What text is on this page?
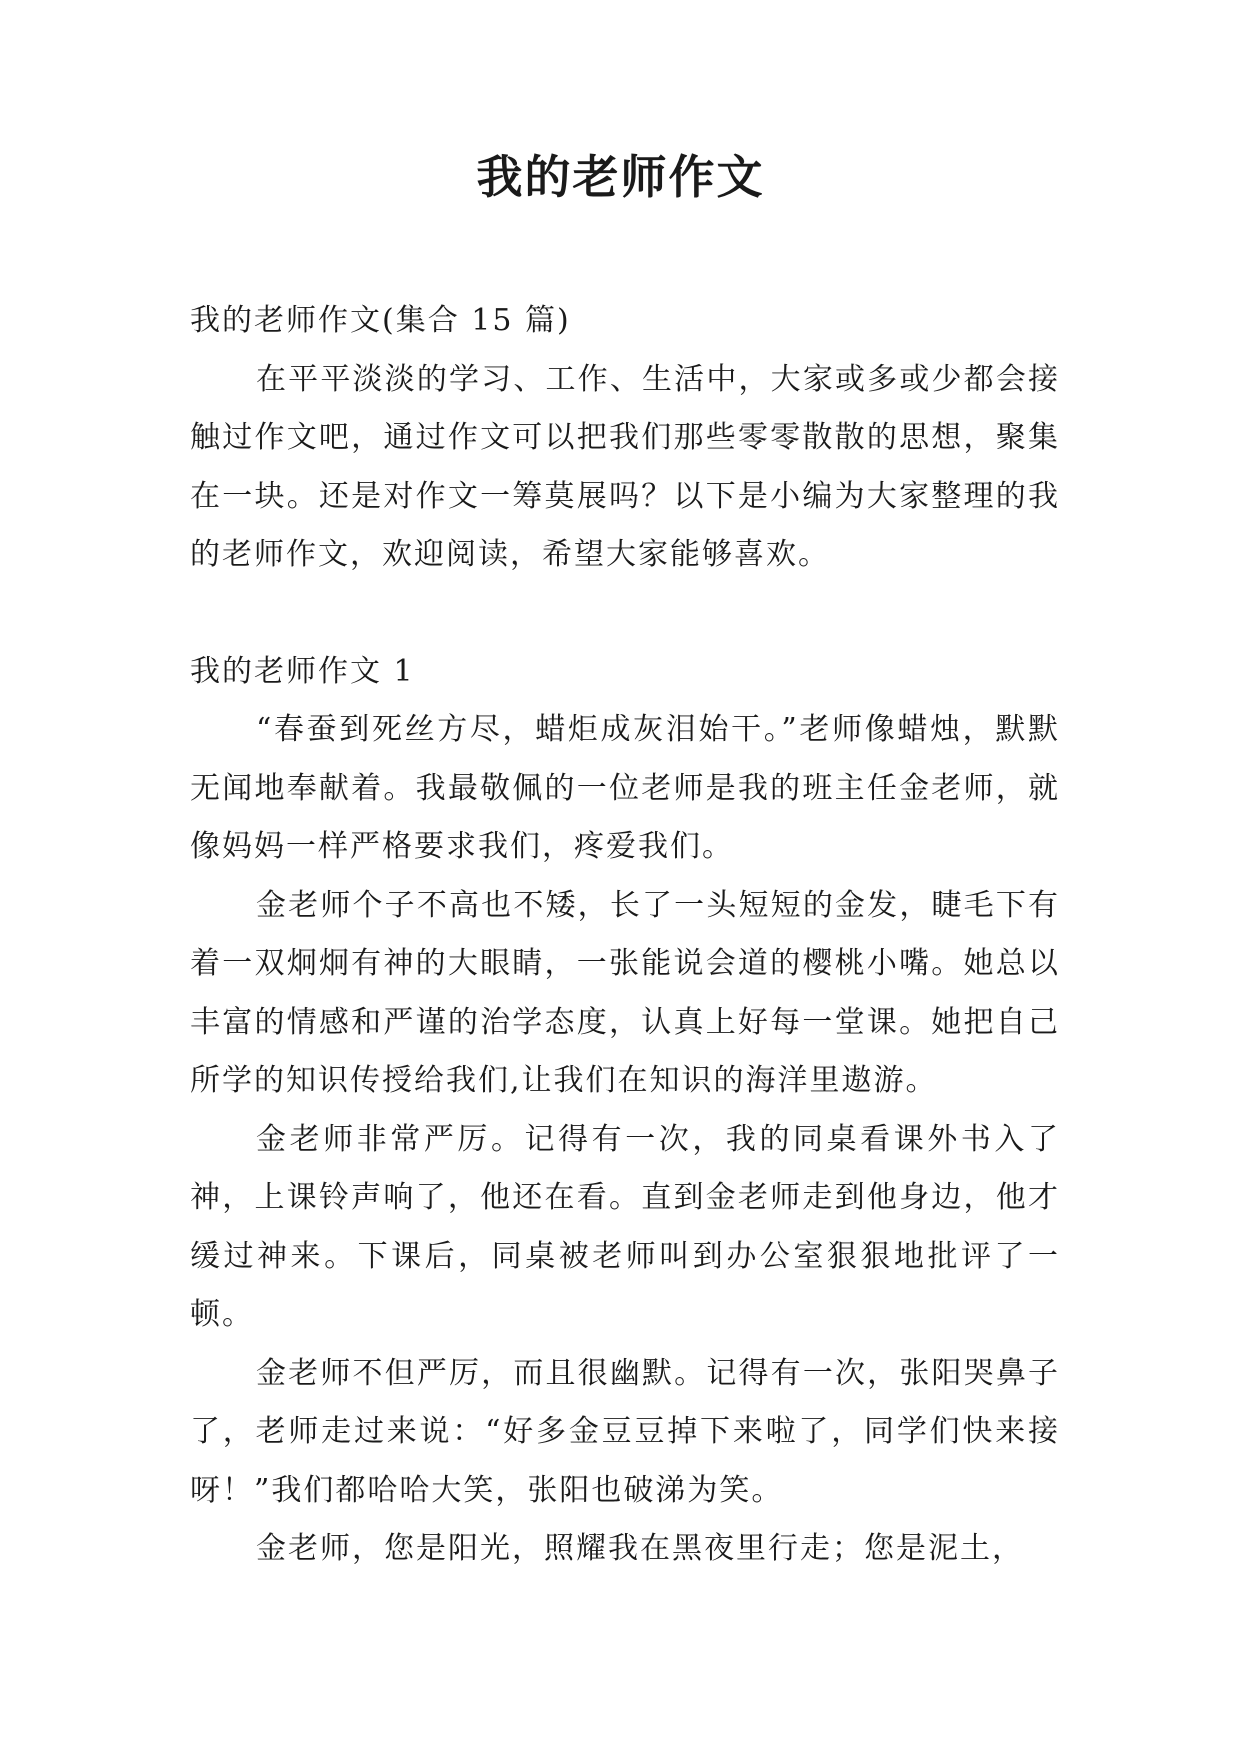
我的老师作文

我的老师作文(集合 15 篇)

在平平淡淡的学习、工作、生活中，大家或多或少都会接触过作文吧，通过作文可以把我们那些零零散散的思想，聚集在一块。还是对作文一筹莫展吗？以下是小编为大家整理的我的老师作文，欢迎阅读，希望大家能够喜欢。

我的老师作文 1

“春蚕到死丝方尽，蜡炬成灰泪始干。”老师像蜡烛，默默无闻地奉献着。我最敬佩的一位老师是我的班主任金老师，就像妈妈一样严格要求我们，疼爱我们。

金老师个子不高也不矮，长了一头短短的金发，睫毛下有着一双炯炯有神的大眼睛，一张能说会道的樱桃小嘴。她总以丰富的情感和严谨的治学态度，认真上好每一堂课。她把自己所学的知识传授给我们,让我们在知识的海洋里遨游。

金老师非常严厉。记得有一次，我的同桌看课外书入了神，上课铃声响了，他还在看。直到金老师走到他身边，他才缓过神来。下课后，同桌被老师叫到办公室狠狠地批评了一顿。

金老师不但严厉，而且很幽默。记得有一次，张阳哭鼻子了，老师走过来说：“好多金豆豆掉下来啦了，同学们快来接呀！”我们都哈哈大笑，张阳也破涕为笑。

金老师，您是阳光，照耀我在黑夜里行走；您是泥土，
